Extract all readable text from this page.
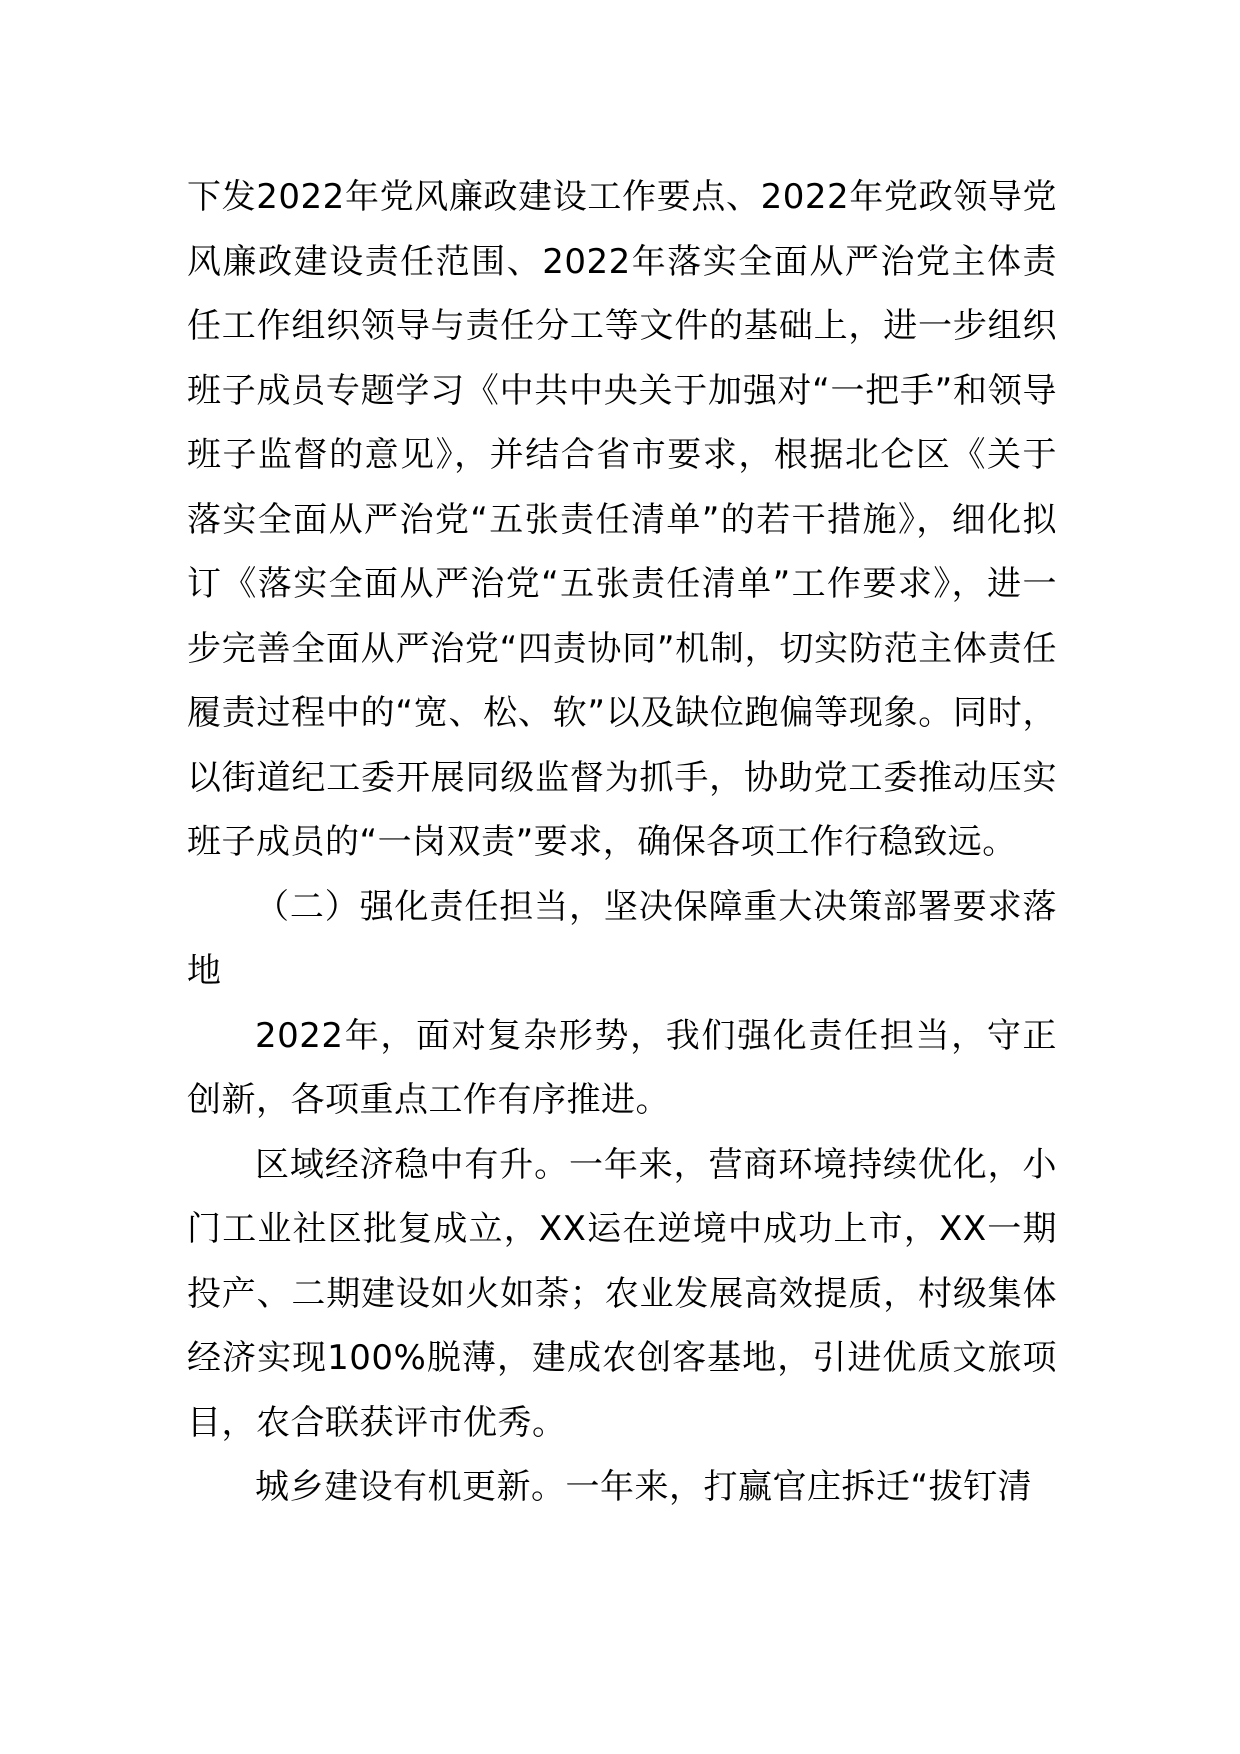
下发2022年党风廉政建设工作要点、2022年党政领导党风廉政建设责任范围、2022年落实全面从严治党主体责任工作组织领导与责任分工等文件的基础上，进一步组织班子成员专题学习《中共中央关于加强对“一把手”和领导班子监督的意见》，并结合省市要求，根据北仑区《关于落实全面从严治党“五张责任清单”的若干措施》，细化拟订《落实全面从严治党“五张责任清单”工作要求》，进一步完善全面从严治党“四责协同”机制，切实防范主体责任履责过程中的“宽、松、软”以及缺位跑偏等现象。同时，以街道纪工委开展同级监督为抓手，协助党工委推动压实班子成员的“一岗双责”要求，确保各项工作行稳致远。

（二）强化责任担当，坚决保障重大决策部署要求落地

2022年，面对复杂形势，我们强化责任担当，守正创新，各项重点工作有序推进。

区域经济稳中有升。一年来，营商环境持续优化，小门工业社区批复成立，XX运在逆境中成功上市，XX一期投产、二期建设如火如荼；农业发展高效提质，村级集体经济实现100%脱薄，建成农创客基地，引进优质文旅项目，农合联获评市优秀。

城乡建设有机更新。一年来，打赢官庄拆迁“拔钉清
